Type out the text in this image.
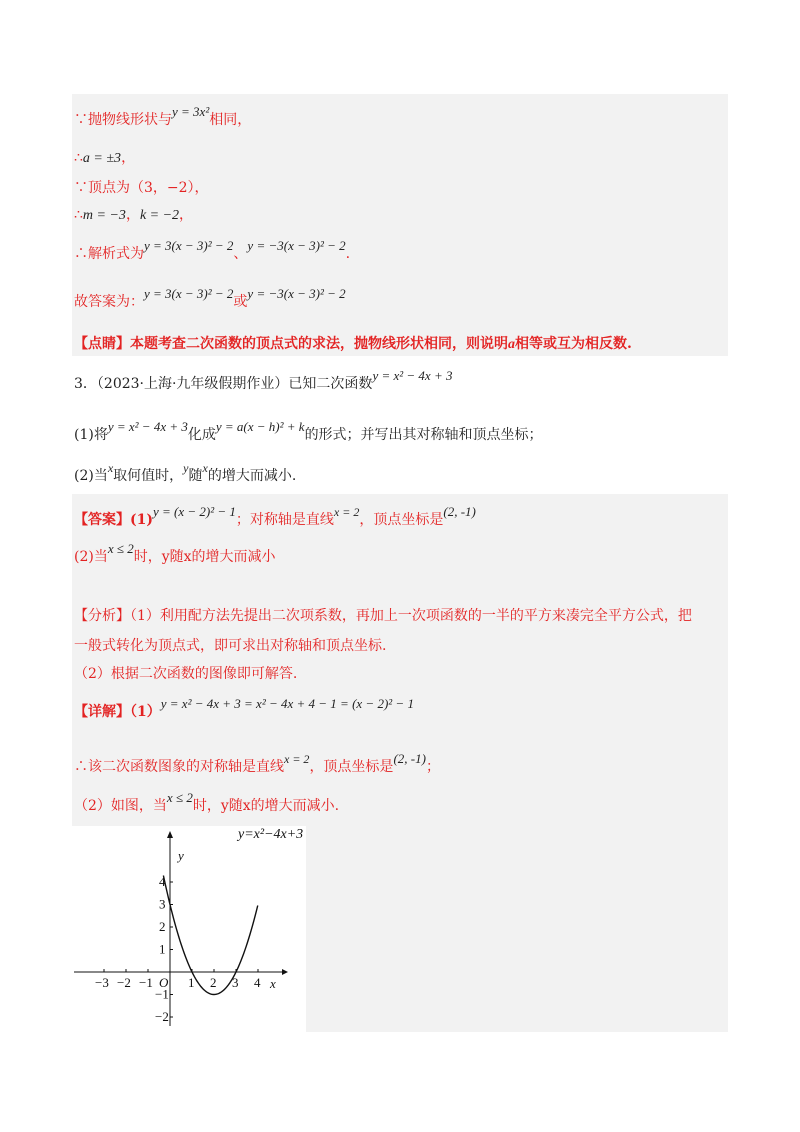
∵抛物线形状与y = 3x²相同，
∴a = ±3，
∵顶点为（3，−2），
∴m = −3，k = −2，
∴解析式为y = 3(x − 3)² − 2、y = −3(x − 3)² − 2.
故答案为：y = 3(x − 3)² − 2或y = −3(x − 3)² − 2
【点睛】本题考查二次函数的顶点式的求法，抛物线形状相同，则说明a相等或互为相反数.
3．（2023·上海·九年级假期作业）已知二次函数y = x² − 4x + 3
(1)将y = x² − 4x + 3化成y = a(x − h)² + k的形式；并写出其对称轴和顶点坐标；
(2)当x取何值时，y随x的增大而减小.
【答案】(1)y = (x − 2)² − 1；对称轴是直线x = 2，顶点坐标是(2, -1)
(2)当x ≤ 2时，y随x的增大而减小
【分析】（1）利用配方法先提出二次项系数，再加上一次项函数的一半的平方来凑完全平方公式，把
一般式转化为顶点式，即可求出对称轴和顶点坐标.
（2）根据二次函数的图像即可解答.
【详解】（1）y = x² − 4x + 3 = x² − 4x + 4 − 1 = (x − 2)² − 1
∴该二次函数图象的对称轴是直线x = 2，顶点坐标是(2, -1)；
（2）如图，当x ≤ 2时，y随x的增大而减小.
x
y
O
−3 −2 −1	1 2 3 4
4
3
2
1
−1
−2
y=x²−4x+3
